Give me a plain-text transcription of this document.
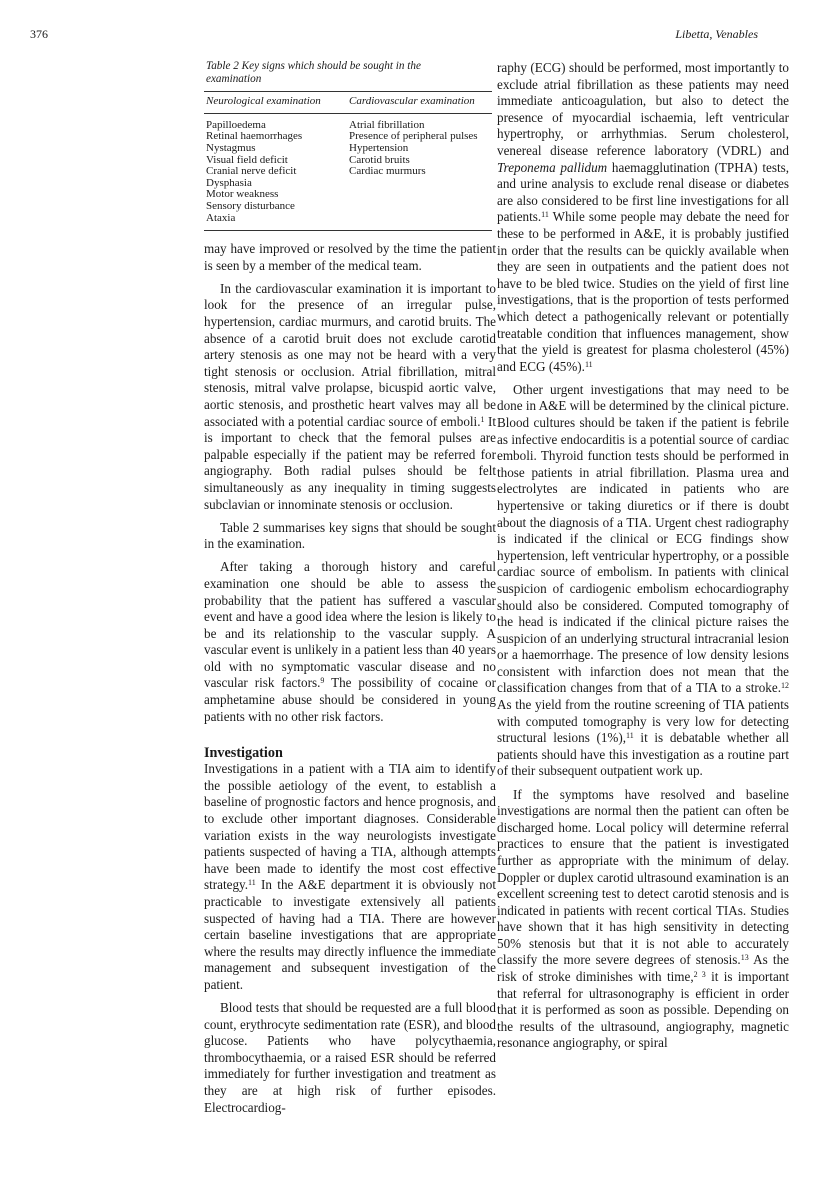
376	Libetta, Venables
Table 2 Key signs which should be sought in the examination
Neurological examination	Cardiovascular examination
Papilloedema
Retinal haemorrhages
Nystagmus
Visual field deficit
Cranial nerve deficit
Dysphasia
Motor weakness
Sensory disturbance
Ataxia
Atrial fibrillation
Presence of peripheral pulses
Hypertension
Carotid bruits
Cardiac murmurs

may have improved or resolved by the time the patient is seen by a member of the medical team.

In the cardiovascular examination it is important to look for the presence of an irregular pulse, hypertension, cardiac murmurs, and carotid bruits. The absence of a carotid bruit does not exclude carotid artery stenosis as one may not be heard with a very tight stenosis or occlusion. Atrial fibrillation, mitral stenosis, mitral valve prolapse, bicuspid aortic valve, aortic stenosis, and prosthetic heart valves may all be associated with a potential cardiac source of emboli.$^1$ It is important to check that the femoral pulses are palpable especially if the patient may be referred for angiography. Both radial pulses should be felt simultaneously as any inequality in timing suggests subclavian or innominate stenosis or occlusion.

Table 2 summarises key signs that should be sought in the examination.

After taking a thorough history and careful examination one should be able to assess the probability that the patient has suffered a vascular event and have a good idea where the lesion is likely to be and its relationship to the vascular supply. A vascular event is unlikely in a patient less than 40 years old with no symptomatic vascular disease and no vascular risk factors.$^9$ The possibility of cocaine or amphetamine abuse should be considered in young patients with no other risk factors.

Investigation

Investigations in a patient with a TIA aim to identify the possible aetiology of the event, to establish a baseline of prognostic factors and hence prognosis, and to exclude other important diagnoses. Considerable variation exists in the way neurologists investigate patients suspected of having a TIA, although attempts have been made to identify the most cost effective strategy.$^{11}$ In the A&E department it is obviously not practicable to investigate extensively all patients suspected of having had a TIA. There are however certain baseline investigations that are appropriate where the results may directly influence the immediate management and subsequent investigation of the patient.

Blood tests that should be requested are a full blood count, erythrocyte sedimentation rate (ESR), and blood glucose. Patients who have polycythaemia, thrombocythaemia, or a raised ESR should be referred immediately for further investigation and treatment as they are at high risk of further episodes. Electrocardiog-

raphy (ECG) should be performed, most importantly to exclude atrial fibrillation as these patients may need immediate anticoagulation, but also to detect the presence of myocardial ischaemia, left ventricular hypertrophy, or arrhythmias. Serum cholesterol, venereal disease reference laboratory (VDRL) and Treponema pallidum haemagglutination (TPHA) tests, and urine analysis to exclude renal disease or diabetes are also considered to be first line investigations for all patients.$^{11}$ While some people may debate the need for these to be performed in A&E, it is probably justified in order that the results can be quickly available when they are seen in outpatients and the patient does not have to be bled twice. Studies on the yield of first line investigations, that is the proportion of tests performed which detect a pathogenically relevant or potentially treatable condition that influences management, show that the yield is greatest for plasma cholesterol (45%) and ECG (45%).$^{11}$

Other urgent investigations that may need to be done in A&E will be determined by the clinical picture. Blood cultures should be taken if the patient is febrile as infective endocarditis is a potential source of cardiac emboli. Thyroid function tests should be performed in those patients in atrial fibrillation. Plasma urea and electrolytes are indicated in patients who are hypertensive or taking diuretics or if there is doubt about the diagnosis of a TIA. Urgent chest radiography is indicated if the clinical or ECG findings show hypertension, left ventricular hypertrophy, or a possible cardiac source of embolism. In patients with clinical suspicion of cardiogenic embolism echocardiography should also be considered. Computed tomography of the head is indicated if the clinical picture raises the suspicion of an underlying structural intracranial lesion or a haemorrhage. The presence of low density lesions consistent with infarction does not mean that the classification changes from that of a TIA to a stroke.$^{12}$ As the yield from the routine screening of TIA patients with computed tomography is very low for detecting structural lesions (1%),$^{11}$ it is debatable whether all patients should have this investigation as a routine part of their subsequent outpatient work up.

If the symptoms have resolved and baseline investigations are normal then the patient can often be discharged home. Local policy will determine referral practices to ensure that the patient is investigated further as appropriate with the minimum of delay. Doppler or duplex carotid ultrasound examination is an excellent screening test to detect carotid stenosis and is indicated in patients with recent cortical TIAs. Studies have shown that it has high sensitivity in detecting 50% stenosis but that it is not able to accurately classify the more severe degrees of stenosis.$^{13}$ As the risk of stroke diminishes with time,$^{2 3}$ it is important that referral for ultrasonography is efficient in order that it is performed as soon as possible. Depending on the results of the ultrasound, angiography, magnetic resonance angiography, or spiral
